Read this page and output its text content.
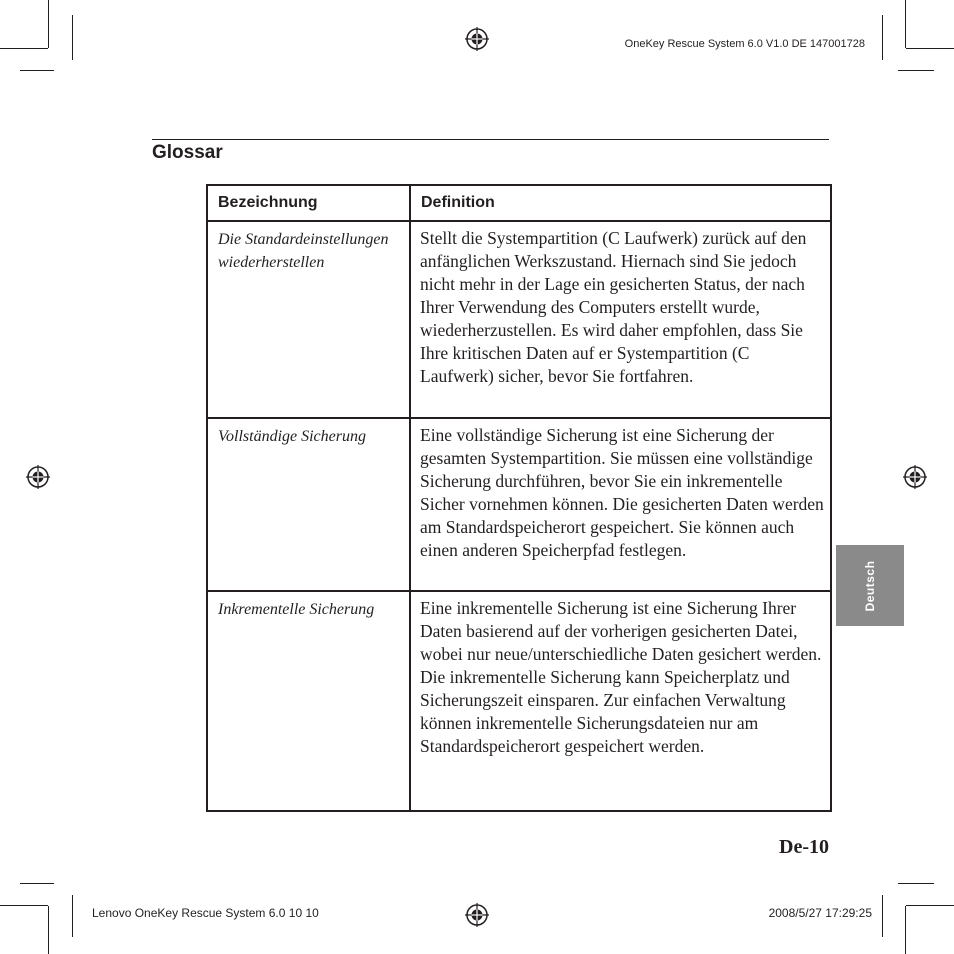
OneKey Rescue System 6.0 V1.0 DE 147001728
Glossar
Bezeichnung	Definition
Die Standardeinstellungen wiederherstellen	Stellt die Systempartition (C Laufwerk) zurück auf den anfänglichen Werkszustand. Hiernach sind Sie jedoch nicht mehr in der Lage ein gesicherten Status, der nach Ihrer Verwendung des Computers erstellt wurde, wiederherzustellen. Es wird daher empfohlen, dass Sie Ihre kritischen Daten auf er Systempartition (C Laufwerk) sicher, bevor Sie fortfahren.
Vollständige Sicherung	Eine vollständige Sicherung ist eine Sicherung der gesamten Systempartition. Sie müssen eine vollständige Sicherung durchführen, bevor Sie ein inkrementelle Sicher vornehmen können. Die gesicherten Daten werden am Standardspeicherort gespeichert. Sie können auch einen anderen Speicherpfad festlegen.
Inkrementelle Sicherung	Eine inkrementelle Sicherung ist eine Sicherung Ihrer Daten basierend auf der vorherigen gesicherten Datei, wobei nur neue/unterschiedliche Daten gesichert werden. Die inkrementelle Sicherung kann Speicherplatz und Sicherungszeit einsparen. Zur einfachen Verwaltung können inkrementelle Sicherungsdateien nur am Standardspeicherort gespeichert werden.
Deutsch
De-10
Lenovo OneKey Rescue System 6.0 10 10	2008/5/27 17:29:25
